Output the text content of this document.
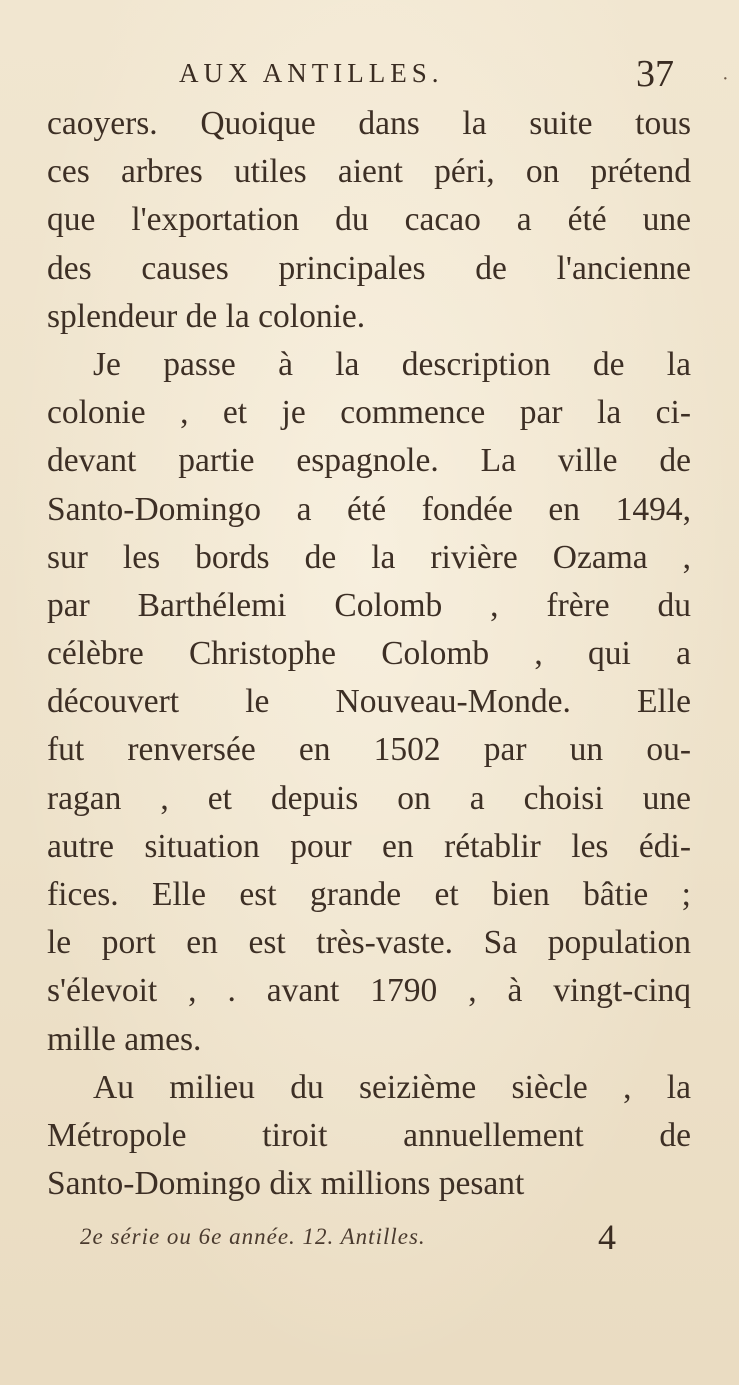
AUX ANTILLES.	37 ·
caoyers. Quoique dans la suite tous
ces arbres utiles aient péri, on prétend
que l'exportation du cacao a été une
des causes principales de l'ancienne
splendeur de la colonie.
Je passe à la description de la
colonie , et je commence par la ci-
devant partie espagnole. La ville de
Santo-Domingo a été fondée en 1494,
sur les bords de la rivière Ozama ,
par Barthélemi Colomb , frère du
célèbre Christophe Colomb , qui a
découvert le Nouveau-Monde. Elle
fut renversée en 1502 par un ou-
ragan , et depuis on a choisi une
autre situation pour en rétablir les édi-
fices. Elle est grande et bien bâtie ;
le port en est très-vaste. Sa population
s'élevoit , . avant 1790 , à vingt-cinq
mille ames.
Au milieu du seizième siècle , la
Métropole tiroit annuellement de
Santo-Domingo dix millions pesant
2e série ou 6e année. 12. Antilles.	4
